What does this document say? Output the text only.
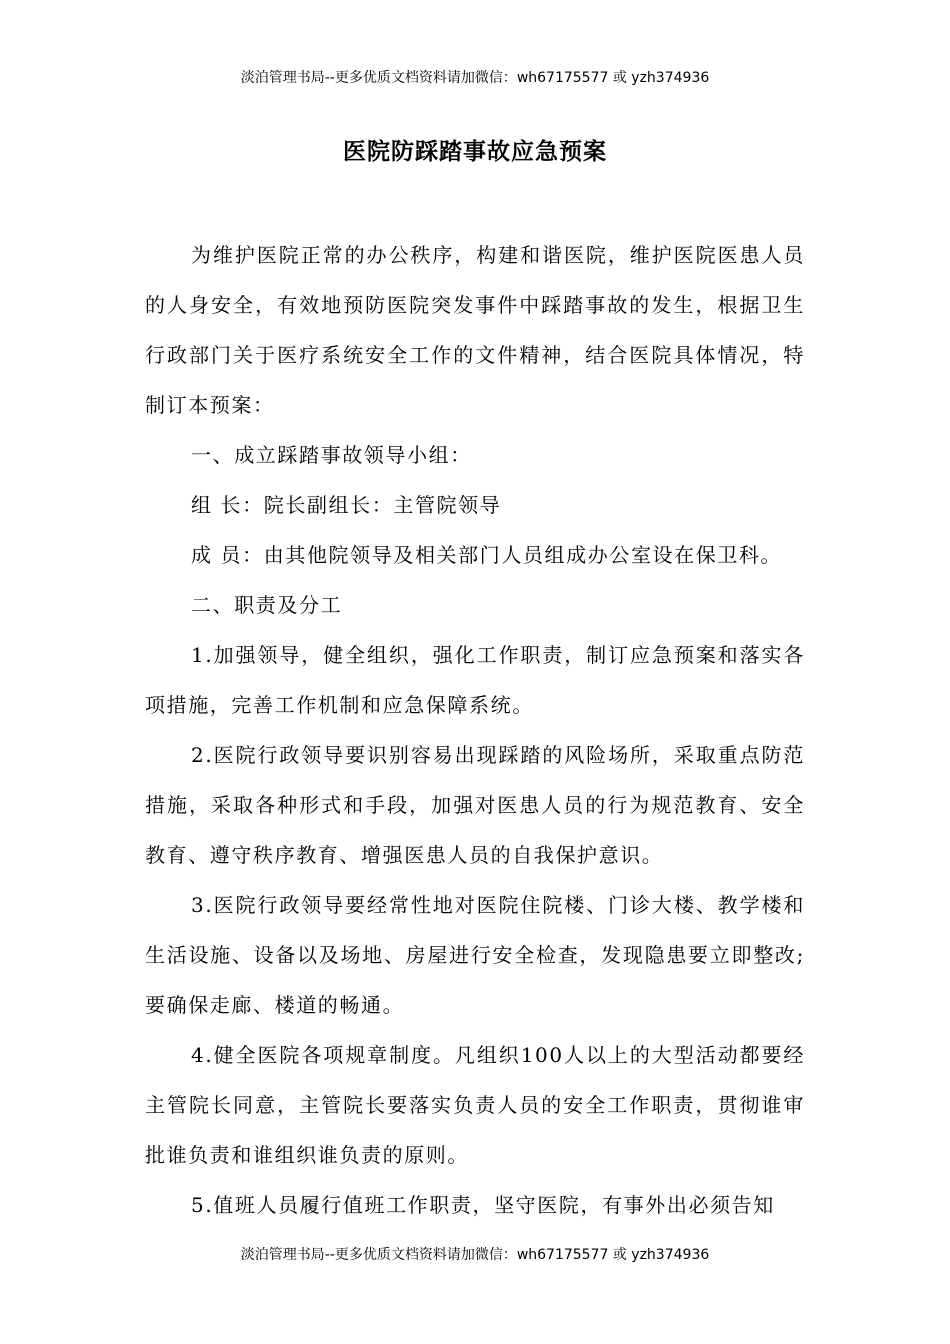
淡泊管理书局--更多优质文档资料请加微信：wh67175577 或 yzh374936
医院防踩踏事故应急预案

为维护医院正常的办公秩序，构建和谐医院，维护医院医患人员的人身安全，有效地预防医院突发事件中踩踏事故的发生，根据卫生行政部门关于医疗系统安全工作的文件精神，结合医院具体情况，特制订本预案：

一、成立踩踏事故领导小组：

组 长：院长副组长：主管院领导

成 员：由其他院领导及相关部门人员组成办公室设在保卫科。

二、职责及分工

1.加强领导，健全组织，强化工作职责，制订应急预案和落实各项措施，完善工作机制和应急保障系统。

2.医院行政领导要识别容易出现踩踏的风险场所，采取重点防范措施，采取各种形式和手段，加强对医患人员的行为规范教育、安全教育、遵守秩序教育、增强医患人员的自我保护意识。

3.医院行政领导要经常性地对医院住院楼、门诊大楼、教学楼和生活设施、设备以及场地、房屋进行安全检查，发现隐患要立即整改;要确保走廊、楼道的畅通。

4.健全医院各项规章制度。凡组织100人以上的大型活动都要经主管院长同意，主管院长要落实负责人员的安全工作职责，贯彻谁审批谁负责和谁组织谁负责的原则。

5.值班人员履行值班工作职责，坚守医院，有事外出必须告知

淡泊管理书局--更多优质文档资料请加微信：wh67175577 或 yzh374936
